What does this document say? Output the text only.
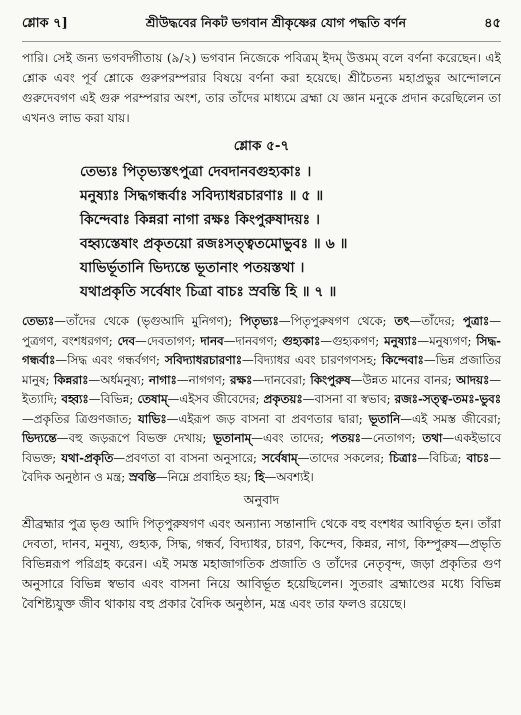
শ্লোক ৭]	শ্রীউদ্ধবের নিকট ভগবান শ্রীকৃষ্ণের যোগ পদ্ধতি বর্ণন	৪৫

পারি। সেই জন্য ভগবদ্গীতায় (৯/২) ভগবান নিজেকে পবিত্রম্ ইদম্ উত্তমম্ বলে বর্ণনা করেছেন। এই শ্লোক এবং পূর্ব শ্লোকে গুরুপরম্পরার বিষয়ে বর্ণনা করা হয়েছে। শ্রীচৈতন্য মহাপ্রভুর আন্দোলনে গুরুদেবগণ এই গুরু পরম্পরার অংশ, তার তাঁদের মাধ্যমে ব্রহ্মা যে জ্ঞান মনুকে প্রদান করেছিলেন তা এখনও লাভ করা যায়।

শ্লোক ৫-৭
তেভ্যঃ পিতৃভ্যস্তৎপুত্রা দেবদানবগুহ্যকাঃ ।
মনুষ্যাঃ সিদ্ধগন্ধর্বাঃ সবিদ্যাধরচারণাঃ ॥ ৫ ॥
কিন্দেবাঃ কিন্নরা নাগা রক্ষঃ কিংপুরুষাদয়ঃ ।
বহ্ব্যস্তেষাং প্রকৃতয়ো রজঃসত্ত্বতমোভুবঃ ॥ ৬ ॥
যাভির্ভূতানি ভিদ্যন্তে ভূতানাং পতয়স্তথা ।
যথাপ্রকৃতি সর্বেষাং চিত্রা বাচঃ স্রবন্তি হি ॥ ৭ ॥
তেভ্যঃ—তাঁদের থেকে (ভৃগুআদি মুনিগণ); পিতৃভ্যঃ—পিতৃপুরুষগণ থেকে; তৎ—তাঁদের; পুত্রাঃ—পুত্রগণ, বংশধরগণ; দেব—দেবতাগণ; দানব—দানবগণ; গুহ্যকাঃ—গুহ্যকগণ; মনুষ্যাঃ—মনুষ্যগণ; সিদ্ধ-গন্ধর্বাঃ—সিদ্ধ এবং গন্ধর্বগণ; সবিদ্যাধরচারণাঃ—বিদ্যাধর এবং চারণগণসহ; কিন্দেবাঃ—ভিন্ন প্রজাতির মানুষ; কিন্নরাঃ—অর্ধমনুষ্য; নাগাঃ—নাগগণ; রক্ষঃ—দানবেরা; কিংপুরুষ—উন্নত মানের বানর; আদয়ঃ—ইত্যাদি; বহ্ব্যঃ—বিভিন্ন; তেষাম্—এইসব জীবেদের; প্রকৃতয়ঃ—বাসনা বা স্বভাব; রজঃ-সত্ত্ব-তমঃ-ভুবঃ—প্রকৃতির ত্রিগুণজাত; যাভিঃ—এইরূপ জড় বাসনা বা প্রবণতার দ্বারা; ভূতানি—এই সমস্ত জীবেরা; ভিদ্যন্তে—বহু জড়রূপে বিভক্ত দেখায়; ভূতানাম্—এবং তাদের; পতয়ঃ—নেতাগণ; তথা—একইভাবে বিভক্ত; যথা-প্রকৃতি—প্রবণতা বা বাসনা অনুসারে; সর্বেষাম্—তাদের সকলের; চিত্রাঃ—বিচিত্র; বাচঃ—বৈদিক অনুষ্ঠান ও মন্ত্র; স্রবন্তি—নিম্নে প্রবাহিত হয়; হি—অবশ্যই।
অনুবাদ
শ্রীব্রহ্মার পুত্র ভৃগু আদি পিতৃপুরুষগণ এবং অন্যান্য সন্তানাদি থেকে বহু বংশধর আবির্ভূত হন। তাঁরা দেবতা, দানব, মনুষ্য, গুহ্যক, সিদ্ধ, গন্ধর্ব, বিদ্যাধর, চারণ, কিন্দেব, কিন্নর, নাগ, কিম্পুরুষ—প্রভৃতি বিভিন্নরূপ পরিগ্রহ করেন। এই সমস্ত মহাজাগতিক প্রজাতি ও তাঁদের নেতৃবৃন্দ, জড়া প্রকৃতির গুণ অনুসারে বিভিন্ন স্বভাব এবং বাসনা নিয়ে আবির্ভূত হয়েছিলেন। সুতরাং ব্রহ্মাণ্ডের মধ্যে বিভিন্ন বৈশিষ্ট্যযুক্ত জীব থাকায় বহু প্রকার বৈদিক অনুষ্ঠান, মন্ত্র এবং তার ফলও রয়েছে।
